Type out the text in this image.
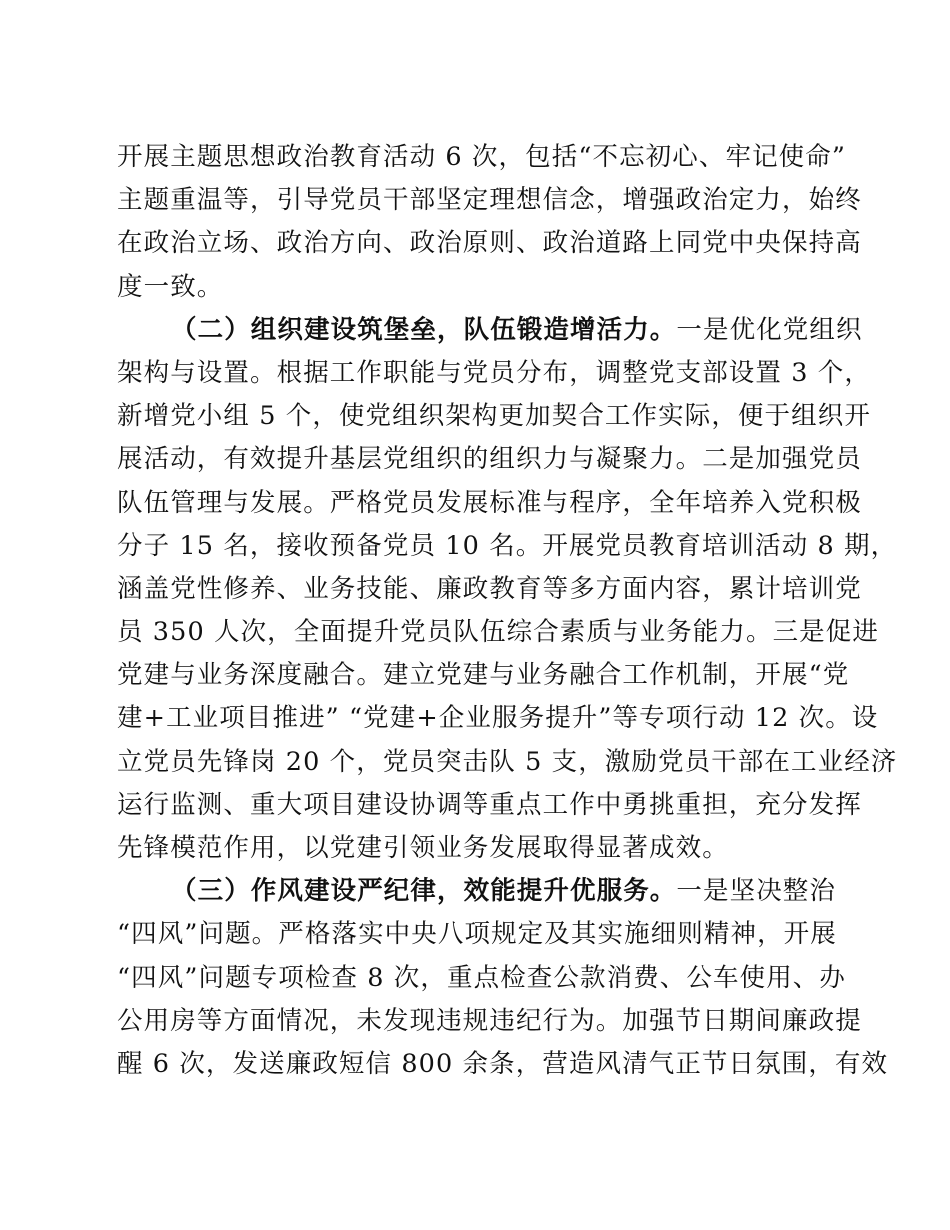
开展主题思想政治教育活动 6 次，包括“不忘初心、牢记使命”
主题重温等，引导党员干部坚定理想信念，增强政治定力，始终
在政治立场、政治方向、政治原则、政治道路上同党中央保持高
度一致。
（二）组织建设筑堡垒，队伍锻造增活力。一是优化党组织
架构与设置。根据工作职能与党员分布，调整党支部设置 3 个，
新增党小组 5 个，使党组织架构更加契合工作实际，便于组织开
展活动，有效提升基层党组织的组织力与凝聚力。二是加强党员
队伍管理与发展。严格党员发展标准与程序，全年培养入党积极
分子 15 名，接收预备党员 10 名。开展党员教育培训活动 8 期，
涵盖党性修养、业务技能、廉政教育等多方面内容，累计培训党
员 350 人次，全面提升党员队伍综合素质与业务能力。三是促进
党建与业务深度融合。建立党建与业务融合工作机制，开展“党
建+工业项目推进” “党建+企业服务提升”等专项行动 12 次。设
立党员先锋岗 20 个，党员突击队 5 支，激励党员干部在工业经济
运行监测、重大项目建设协调等重点工作中勇挑重担，充分发挥
先锋模范作用，以党建引领业务发展取得显著成效。
（三）作风建设严纪律，效能提升优服务。一是坚决整治
“四风”问题。严格落实中央八项规定及其实施细则精神，开展
“四风”问题专项检查 8 次，重点检查公款消费、公车使用、办
公用房等方面情况，未发现违规违纪行为。加强节日期间廉政提
醒 6 次，发送廉政短信 800 余条，营造风清气正节日氛围，有效
